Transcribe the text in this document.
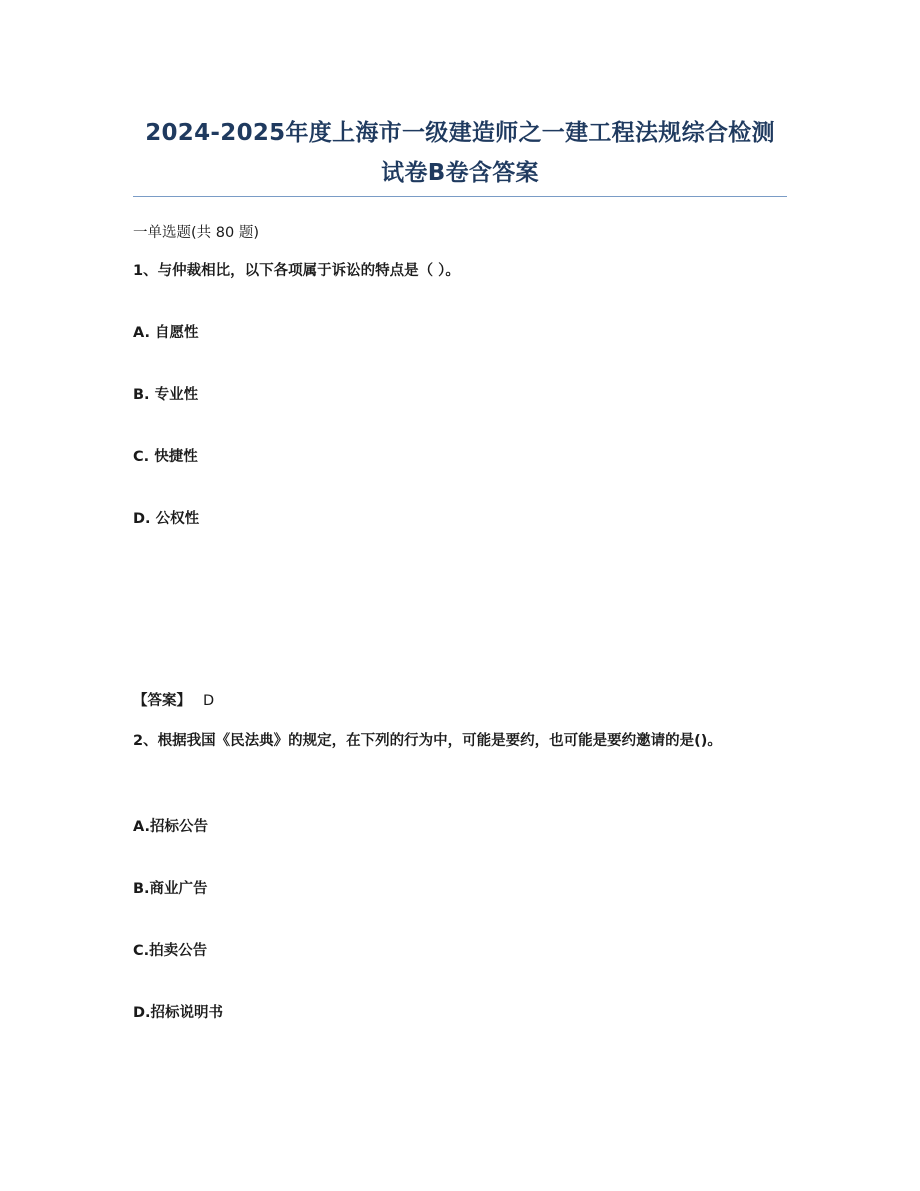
2024-2025年度上海市一级建造师之一建工程法规综合检测
试卷B卷含答案
一单选题(共 80 题)
1、与仲裁相比，以下各项属于诉讼的特点是（ ）。
A. 自愿性
B. 专业性
C. 快捷性
D. 公权性
【答案】 D
2、根据我国《民法典》的规定，在下列的行为中，可能是要约，也可能是要约邀请的是()。
A.招标公告
B.商业广告
C.拍卖公告
D.招标说明书
